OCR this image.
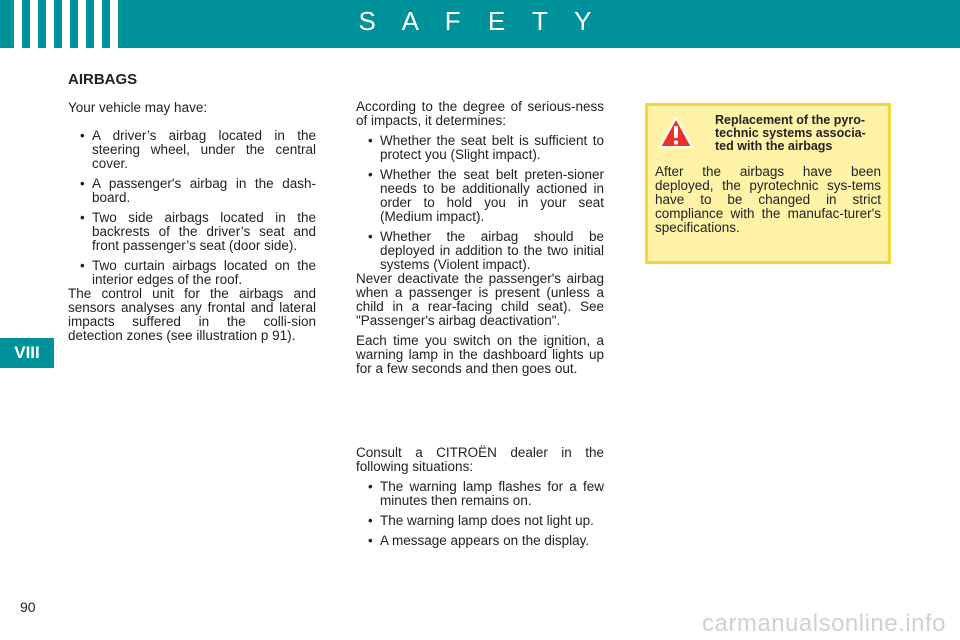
S A F E T Y
VIII
AIRBAGS

Your vehicle may have:

• A driver’s airbag located in the steering wheel, under the central cover.
• A passenger's airbag in the dash-board.
• Two side airbags located in the backrests of the driver’s seat and front passenger’s seat (door side).
• Two curtain airbags located on the interior edges of the roof.

The control unit for the airbags and sensors analyses any frontal and lateral impacts suffered in the colli-sion detection zones (see illustration p 91).

According to the degree of serious-ness of impacts, it determines:

• Whether the seat belt is sufficient to protect you (Slight impact).
• Whether the seat belt preten-sioner needs to be additionally actioned in order to hold you in your seat (Medium impact).
• Whether the airbag should be deployed in addition to the two initial systems (Violent impact).

Never deactivate the passenger's airbag when a passenger is present (unless a child in a rear-facing child seat). See "Passenger's airbag deactivation".

Each time you switch on the ignition, a warning lamp in the dashboard lights up for a few seconds and then goes out.

Consult a CITROËN dealer in the following situations:

• The warning lamp flashes for a few minutes then remains on.
• The warning lamp does not light up.
• A message appears on the display.
Replacement of the pyro-technic systems associa-ted with the airbags
After the airbags have been deployed, the pyrotechnic sys-tems have to be changed in strict compliance with the manufac-turer's specifications.
90
carmanualsonline.info
